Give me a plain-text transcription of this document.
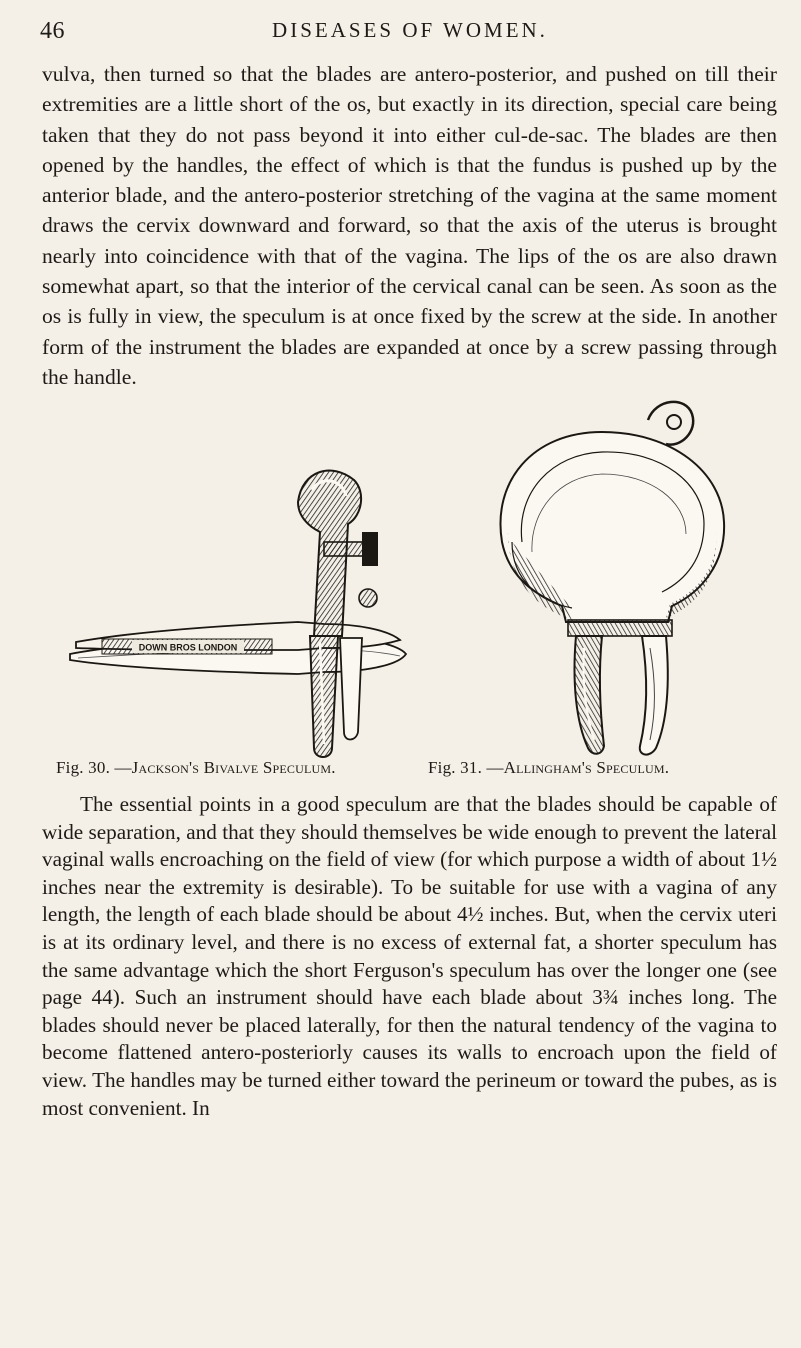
46	DISEASES OF WOMEN.

vulva, then turned so that the blades are antero-posterior, and pushed on till their extremities are a little short of the os, but exactly in its direction, special care being taken that they do not pass beyond it into either cul-de-sac. The blades are then opened by the handles, the effect of which is that the fundus is pushed up by the anterior blade, and the antero-posterior stretching of the vagina at the same moment draws the cervix downward and forward, so that the axis of the uterus is brought nearly into coincidence with that of the vagina. The lips of the os are also drawn somewhat apart, so that the interior of the cervical canal can be seen. As soon as the os is fully in view, the speculum is at once fixed by the screw at the side. In another form of the instrument the blades are expanded at once by a screw passing through the handle.

DOWN BROS LONDON
Fig. 30. —Jackson's Bivalve Speculum.	Fig. 31. —Allingham's Speculum.

The essential points in a good speculum are that the blades should be capable of wide separation, and that they should themselves be wide enough to prevent the lateral vaginal walls encroaching on the field of view (for which purpose a width of about 1½ inches near the extremity is desirable). To be suitable for use with a vagina of any length, the length of each blade should be about 4½ inches. But, when the cervix uteri is at its ordinary level, and there is no excess of external fat, a shorter speculum has the same advantage which the short Ferguson's speculum has over the longer one (see page 44). Such an instrument should have each blade about 3¾ inches long. The blades should never be placed laterally, for then the natural tendency of the vagina to become flattened antero-posteriorly causes its walls to encroach upon the field of view. The handles may be turned either toward the perineum or toward the pubes, as is most convenient. In
